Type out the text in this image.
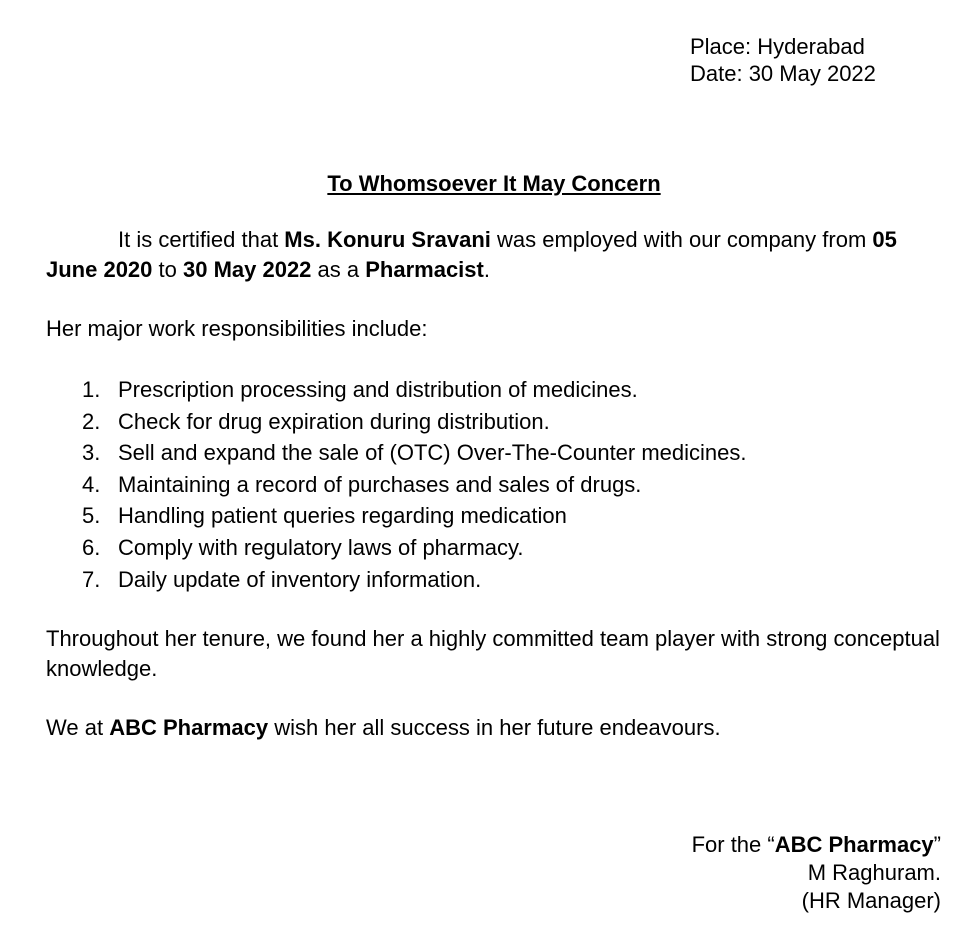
Place: Hyderabad
Date: 30 May 2022
To Whomsoever It May Concern
It is certified that Ms. Konuru Sravani was employed with our company from 05 June 2020 to 30 May 2022 as a Pharmacist.
Her major work responsibilities include:
1. Prescription processing and distribution of medicines.
2. Check for drug expiration during distribution.
3. Sell and expand the sale of (OTC) Over-The-Counter medicines.
4. Maintaining a record of purchases and sales of drugs.
5. Handling patient queries regarding medication
6. Comply with regulatory laws of pharmacy.
7. Daily update of inventory information.
Throughout her tenure, we found her a highly committed team player with strong conceptual knowledge.
We at ABC Pharmacy wish her all success in her future endeavours.
For the “ABC Pharmacy”
M Raghuram.
(HR Manager)
